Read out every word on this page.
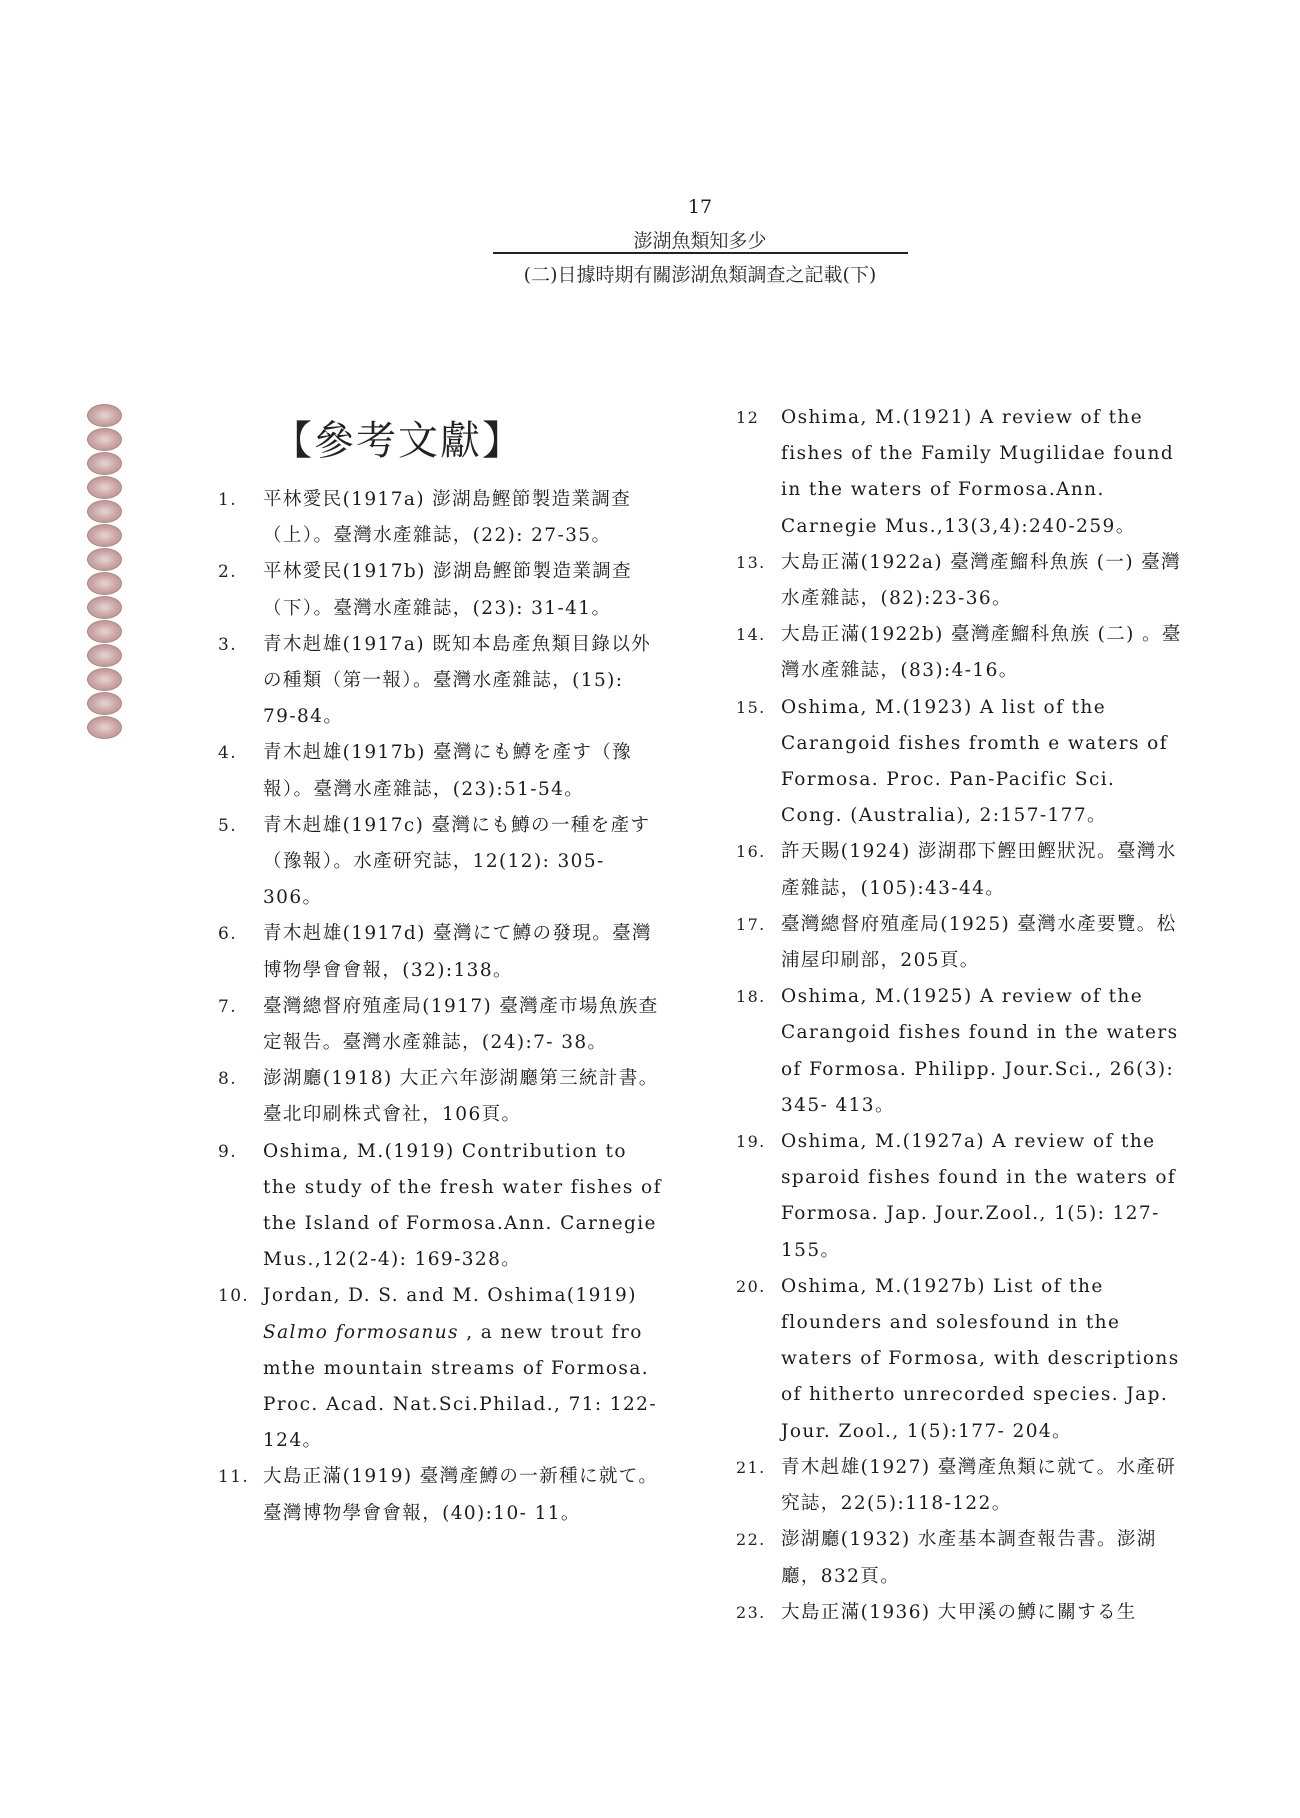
17
澎湖魚類知多少
(二)日據時期有關澎湖魚類調查之記載(下)
【參考文獻】
1.	平林愛民(1917a) 澎湖島鰹節製造業調查（上）。臺灣水產雜誌，(22): 27-35。
2.	平林愛民(1917b) 澎湖島鰹節製造業調查（下）。臺灣水產雜誌，(23): 31-41。
3.	青木赳雄(1917a) 既知本島產魚類目錄以外の種類（第一報）。臺灣水產雜誌，(15): 79-84。
4.	青木赳雄(1917b) 臺灣にも鱒を產す（豫報）。臺灣水產雜誌，(23):51-54。
5.	青木赳雄(1917c) 臺灣にも鱒の一種を產す（豫報）。水產研究誌，12(12): 305-306。
6.	青木赳雄(1917d) 臺灣にて鱒の發現。臺灣博物學會會報，(32):138。
7.	臺灣總督府殖產局(1917) 臺灣產市場魚族查定報告。臺灣水產雜誌，(24):7- 38。
8.	澎湖廳(1918) 大正六年澎湖廳第三統計書。臺北印刷株式會社，106頁。
9.	Oshima, M.(1919) Contribution to the study of the fresh water fishes of the Island of Formosa.Ann. Carnegie Mus.,12(2-4): 169-328。
10. Jordan, D. S. and M. Oshima(1919) Salmo formosanus , a new trout fro mthe mountain streams of Formosa. Proc. Acad. Nat.Sci.Philad., 71: 122- 124。
11. 大島正滿(1919) 臺灣產鱒の一新種に就て。臺灣博物學會會報，(40):10- 11。
12	Oshima, M.(1921) A review of the fishes of the Family Mugilidae found in the waters of Formosa.Ann. Carnegie Mus.,13(3,4):240-259。
13. 大島正滿(1922a) 臺灣產鰡科魚族 (一) 臺灣水產雜誌，(82):23-36。
14. 大島正滿(1922b) 臺灣產鰡科魚族 (二) 。臺灣水產雜誌，(83):4-16。
15. Oshima, M.(1923) A list of the Carangoid fishes fromth e waters of Formosa. Proc. Pan-Pacific Sci. Cong. (Australia), 2:157-177。
16. 許天賜(1924) 澎湖郡下鰹田鰹狀況。臺灣水產雜誌，(105):43-44。
17. 臺灣總督府殖產局(1925) 臺灣水產要覽。松浦屋印刷部，205頁。
18. Oshima, M.(1925) A review of the Carangoid fishes found in the waters of Formosa. Philipp. Jour.Sci., 26(3): 345- 413。
19. Oshima, M.(1927a) A review of the sparoid fishes found in the waters of Formosa. Jap. Jour.Zool., 1(5): 127- 155。
20. Oshima, M.(1927b) List of the flounders and solesfound in the waters of Formosa, with descriptions of hitherto unrecorded species. Jap. Jour. Zool., 1(5):177- 204。
21. 青木赳雄(1927) 臺灣產魚類に就て。水產研究誌，22(5):118-122。
22. 澎湖廳(1932) 水產基本調查報告書。澎湖廳，832頁。
23. 大島正滿(1936) 大甲溪の鱒に關する生
